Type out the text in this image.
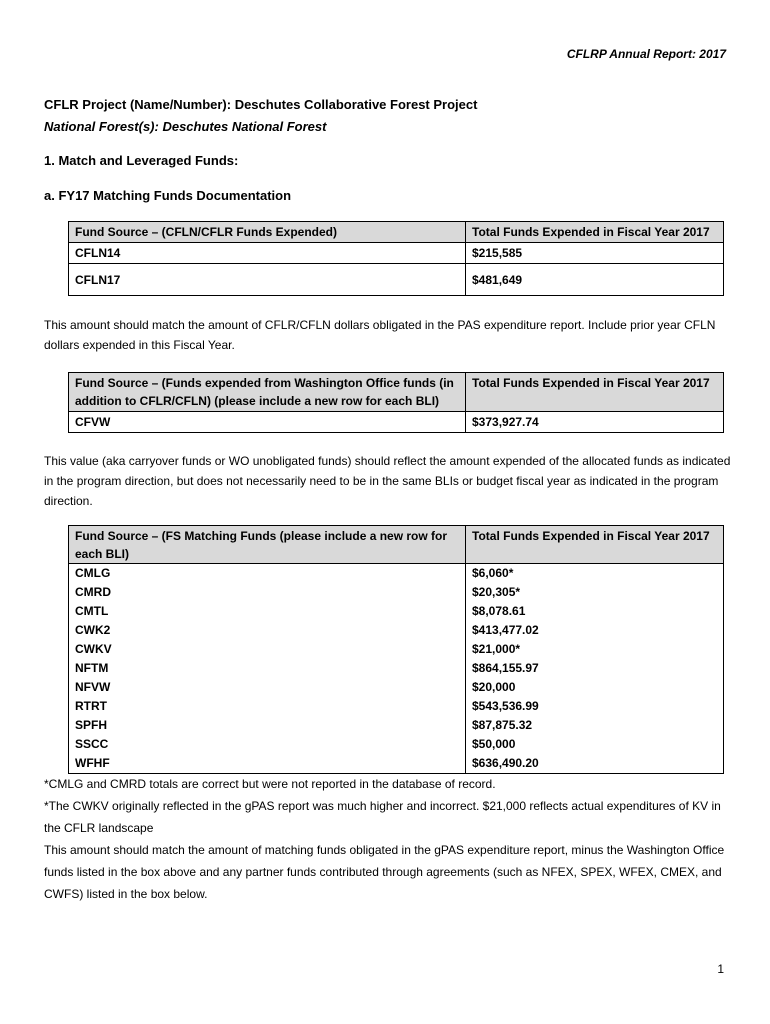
CFLRP Annual Report: 2017
CFLR Project (Name/Number): Deschutes Collaborative Forest Project
National Forest(s): Deschutes National Forest
1. Match and Leveraged Funds:
a. FY17 Matching Funds Documentation
Fund Source – (CFLN/CFLR Funds Expended)	Total Funds Expended in Fiscal Year 2017
CFLN14	$215,585
CFLN17	$481,649
This amount should match the amount of CFLR/CFLN dollars obligated in the PAS expenditure report. Include prior year CFLN dollars expended in this Fiscal Year.
Fund Source – (Funds expended from Washington Office funds (in addition to CFLR/CFLN) (please include a new row for each BLI)	Total Funds Expended in Fiscal Year 2017
CFVW	$373,927.74
This value (aka carryover funds or WO unobligated funds) should reflect the amount expended of the allocated funds as indicated in the program direction, but does not necessarily need to be in the same BLIs or budget fiscal year as indicated in the program direction.
Fund Source – (FS Matching Funds (please include a new row for each BLI)	Total Funds Expended in Fiscal Year 2017
CMLG	$6,060*
CMRD	$20,305*
CMTL	$8,078.61
CWK2	$413,477.02
CWKV	$21,000*
NFTM	$864,155.97
NFVW	$20,000
RTRT	$543,536.99
SPFH	$87,875.32
SSCC	$50,000
WFHF	$636,490.20

*CMLG and CMRD totals are correct but were not reported in the database of record.

*The CWKV originally reflected in the gPAS report was much higher and incorrect. $21,000 reflects actual expenditures of KV in the CFLR landscape

This amount should match the amount of matching funds obligated in the gPAS expenditure report, minus the Washington Office funds listed in the box above and any partner funds contributed through agreements (such as NFEX, SPEX, WFEX, CMEX, and CWFS) listed in the box below.

1
